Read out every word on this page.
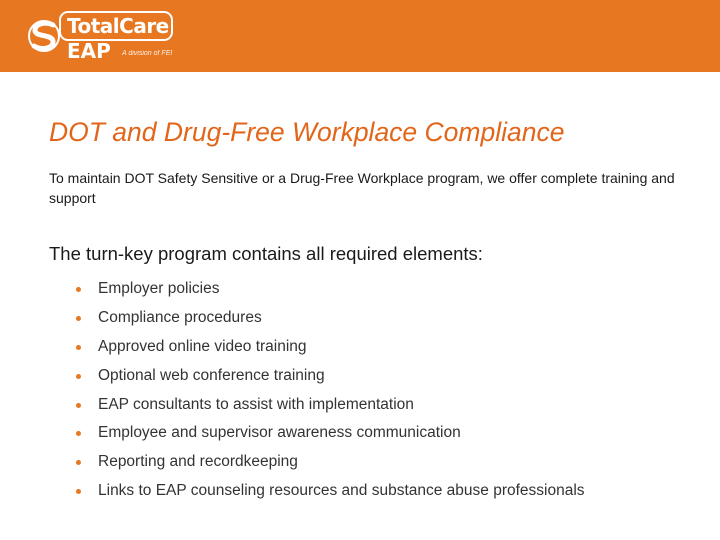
TotalCare
EAP A division of FEI
DOT and Drug-Free Workplace Compliance

To maintain DOT Safety Sensitive or a Drug-Free Workplace program, we offer complete training and support

The turn-key program contains all required elements:
Employer policies
Compliance procedures
Approved online video training
Optional web conference training
EAP consultants to assist with implementation
Employee and supervisor awareness communication
Reporting and recordkeeping
Links to EAP counseling resources and substance abuse professionals
